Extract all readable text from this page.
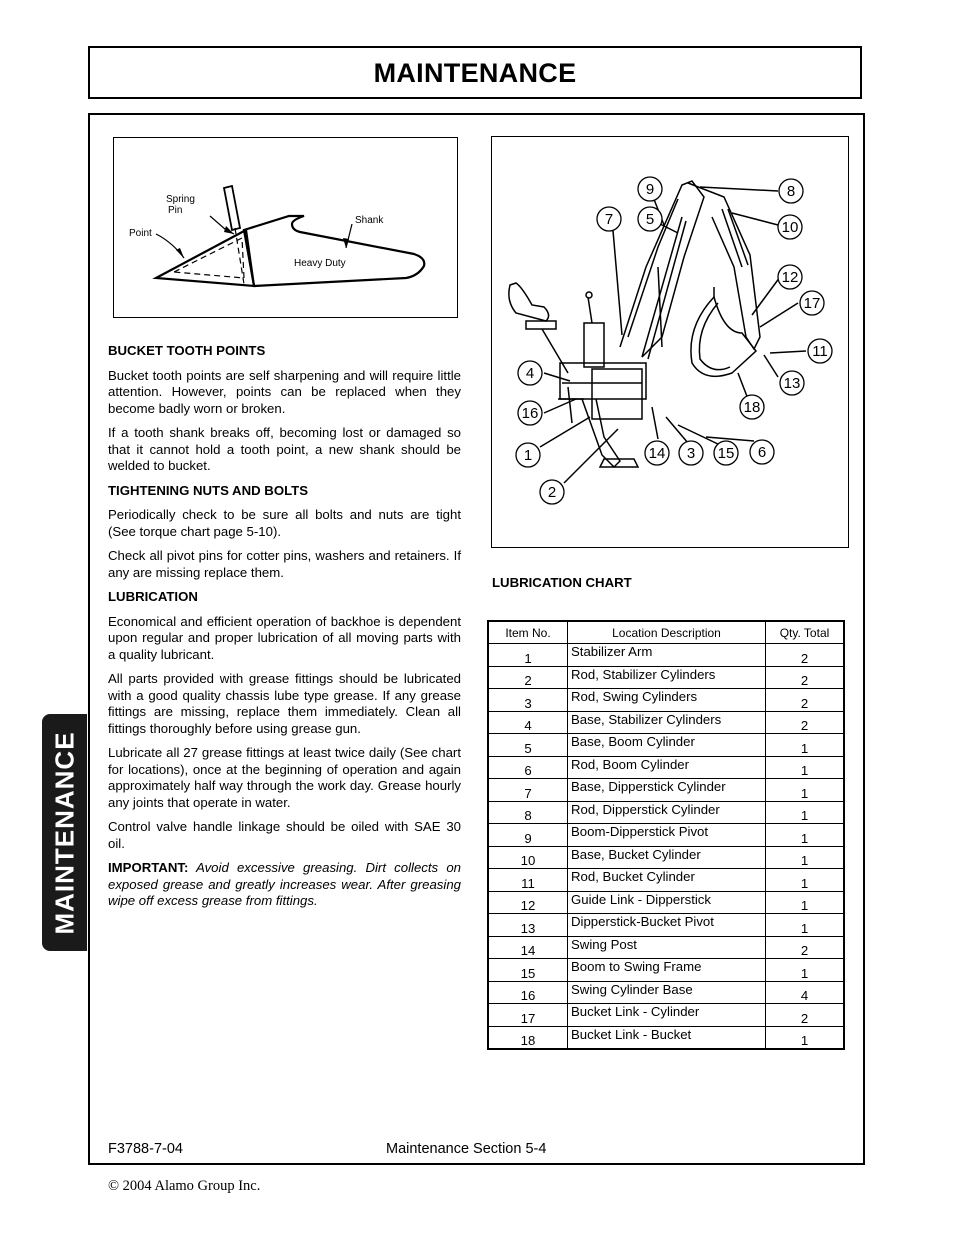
MAINTENANCE
MAINTENANCE
Spring
Pin
Point
Shank
Heavy Duty
9	8
7 5	10
12
17
11
13
18
4
16
1
2
14 3 15 6
BUCKET TOOTH POINTS

Bucket tooth points are self sharpening and will require little attention. However, points can be replaced when they become badly worn or broken.

If a tooth shank breaks off, becoming lost or damaged so that it cannot hold a tooth point, a new shank should be welded to bucket.

TIGHTENING NUTS AND BOLTS

Periodically check to be sure all bolts and nuts are tight (See torque chart page 5-10).

Check all pivot pins for cotter pins, washers and retainers. If any are missing replace them.

LUBRICATION

Economical and efficient operation of backhoe is dependent upon regular and proper lubrication of all moving parts with a quality lubricant.

All parts provided with grease fittings should be lubricated with a good quality chassis lube type grease. If any grease fittings are missing, replace them immediately. Clean all fittings thoroughly before using grease gun.

Lubricate all 27 grease fittings at least twice daily (See chart for locations), once at the beginning of operation and again approximately half way through the work day. Grease hourly any joints that operate in water.

Control valve handle linkage should be oiled with SAE 30 oil.

IMPORTANT: Avoid excessive greasing. Dirt collects on exposed grease and greatly increases wear. After greasing wipe off excess grease from fittings.

LUBRICATION CHART
Item No.	Location Description	Qty. Total
1	Stabilizer Arm	2
2	Rod, Stabilizer Cylinders	2
3	Rod, Swing Cylinders	2
4	Base, Stabilizer Cylinders	2
5	Base, Boom Cylinder	1
6	Rod, Boom Cylinder	1
7	Base, Dipperstick Cylinder	1
8	Rod, Dipperstick Cylinder	1
9	Boom-Dipperstick Pivot	1
10	Base, Bucket Cylinder	1
11	Rod, Bucket Cylinder	1
12	Guide Link - Dipperstick	1
13	Dipperstick-Bucket Pivot	1
14	Swing Post	2
15	Boom to Swing Frame	1
16	Swing Cylinder Base	4
17	Bucket Link - Cylinder	2
18	Bucket Link - Bucket	1
F3788-7-04	Maintenance Section 5-4
© 2004 Alamo Group Inc.
